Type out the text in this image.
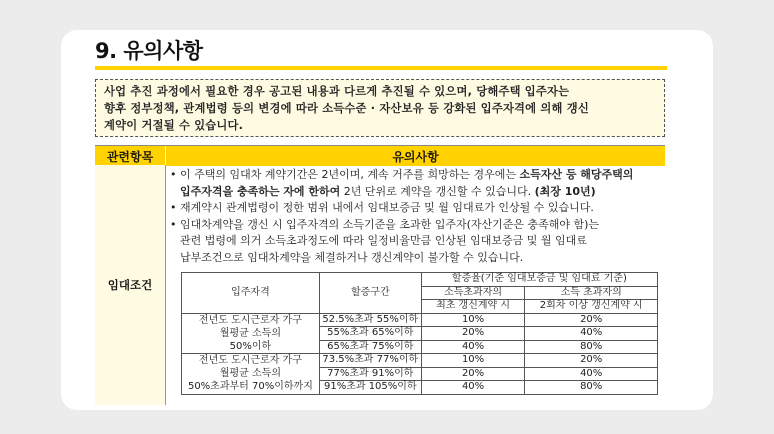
9. 유의사항
사업 추진 과정에서 필요한 경우 공고된 내용과 다르게 추진될 수 있으며, 당해주택 입주자는
향후 정부정책, 관계법령 등의 변경에 따라 소득수준 · 자산보유 등 강화된 입주자격에 의해 갱신
계약이 거절될 수 있습니다.
관련항목	유의사항
임대조건
• 이 주택의 임대차 계약기간은 2년이며, 계속 거주를 희망하는 경우에는 소득자산 등 해당주택의
입주자격을 충족하는 자에 한하여 2년 단위로 계약을 갱신할 수 있습니다. (최장 10년)
• 재계약시 관계법령이 정한 범위 내에서 임대보증금 및 월 임대료가 인상될 수 있습니다.
• 임대차계약을 갱신 시 입주자격의 소득기준을 초과한 입주자(자산기준은 충족해야 함)는
관련 법령에 의거 소득초과정도에 따라 일정비율만큼 인상된 임대보증금 및 월 임대료
납부조건으로 임대차계약을 체결하거나 갱신계약이 불가할 수 있습니다.
입주자격	할증구간	할증율(기준 임대보증금 및 임대료 기준)	
		소득초과자의	소득 초과자의
		최초 갱신계약 시	2회차 이상 갱신계약 시

전년도 도시근로자 가구
월평균 소득의
50%이하	52.5%초과 55%이하	10%	20%
	55%초과 65%이하	20%	40%
	65%초과 75%이하	40%	80%

전년도 도시근로자 가구
월평균 소득의
50%초과부터 70%이하까지	73.5%초과 77%이하	10%	20%
	77%초과 91%이하	20%	40%
	91%초과 105%이하	40%	80%
